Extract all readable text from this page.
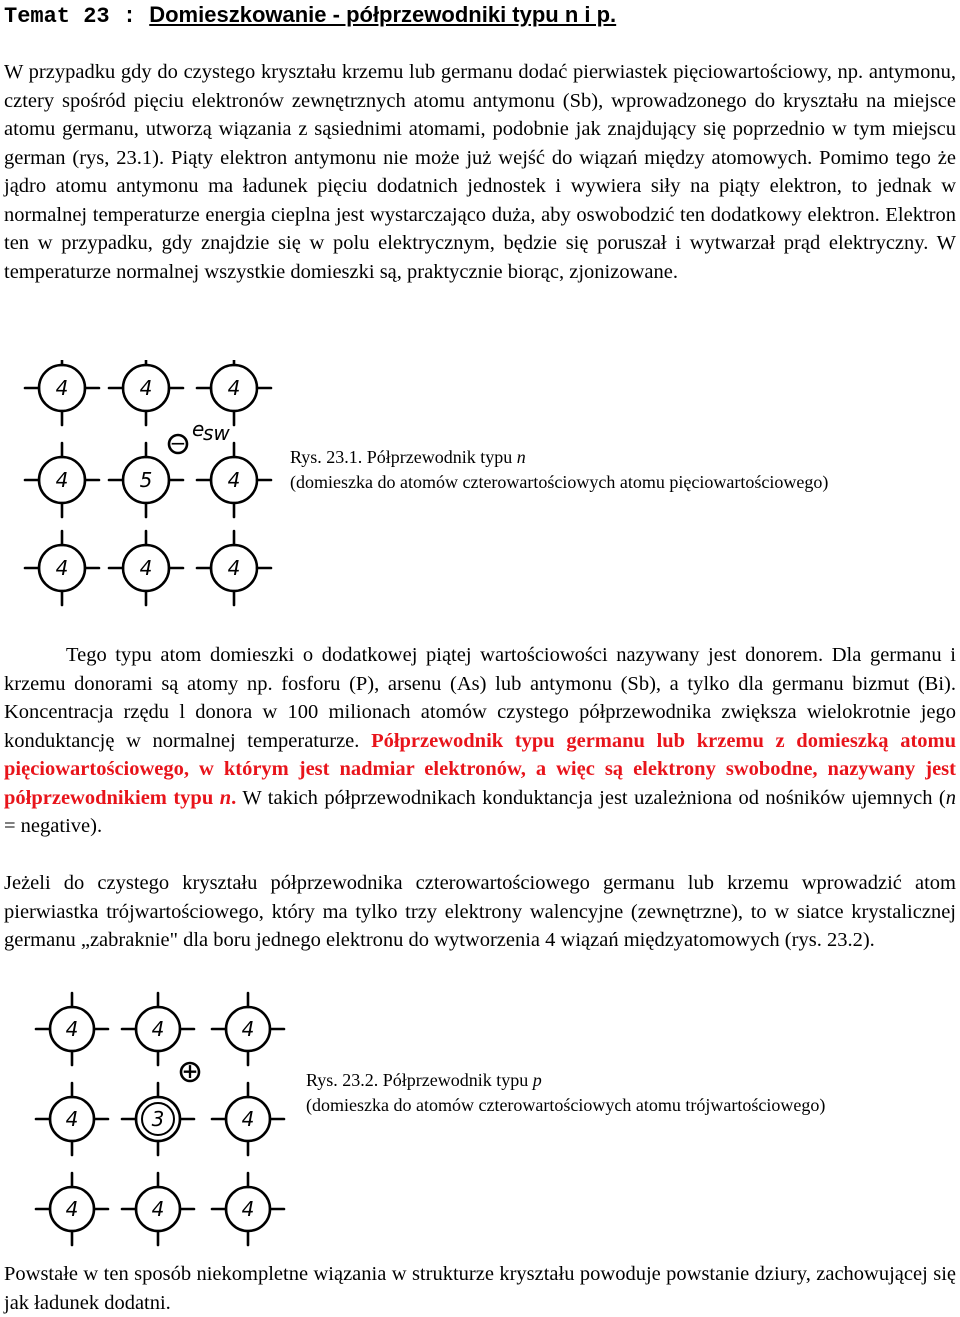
Temat 23 : Domieszkowanie - półprzewodniki typu n i p.

W przypadku gdy do czystego kryształu krzemu lub germanu dodać pierwiastek pięciowartościowy, np. antymonu, cztery spośród pięciu elektronów zewnętrznych atomu antymonu (Sb), wprowadzonego do kryształu na miejsce atomu germanu, utworzą wiązania z sąsiednimi atomami, podobnie jak znajdujący się poprzednio w tym miejscu german (rys, 23.1). Piąty elektron antymonu nie może już wejść do wiązań między atomowych. Pomimo tego że jądro atomu antymonu ma ładunek pięciu dodatnich jednostek i wywiera siły na piąty elektron, to jednak w normalnej temperaturze energia cieplna jest wystarczająco duża, aby oswobodzić ten dodatkowy elektron. Elektron ten w przypadku, gdy znajdzie się w polu elektrycznym, będzie się poruszał i wytwarzał prąd elektryczny. W temperaturze normalnej wszystkie domieszki są, praktycznie biorąc, zjonizowane.

4	4	4
4	5	4
4	4	4
−
e
sw
Rys. 23.1. Półprzewodnik typu n
(domieszka do atomów czterowartościowych atomu pięciowartościowego)

Tego typu atom domieszki o dodatkowej piątej wartościowości nazywany jest donorem. Dla germanu i krzemu donorami są atomy np. fosforu (P), arsenu (As) lub antymonu (Sb), a tylko dla germanu bizmut (Bi). Koncentracja rzędu l donora w 100 milionach atomów czystego półprzewodnika zwiększa wielokrotnie jego konduktancję w normalnej temperaturze. Półprzewodnik typu germanu lub krzemu z domieszką atomu pięciowartościowego, w którym jest nadmiar elektronów, a więc są elektrony swobodne, nazywany jest półprzewodnikiem typu n. W takich półprzewodnikach konduktancja jest uzależniona od nośników ujemnych (n = negative).

Jeżeli do czystego kryształu półprzewodnika czterowartościowego germanu lub krzemu wprowadzić atom pierwiastka trójwartościowego, który ma tylko trzy elektrony walencyjne (zewnętrzne), to w siatce krystalicznej germanu „zabraknie" dla boru jednego elektronu do wytworzenia 4 wiązań międzyatomowych (rys. 23.2).

4	4	4
4	3	4
4	4	4
+	Rys. 23.2. Półprzewodnik typu p
(domieszka do atomów czterowartościowych atomu trójwartościowego)

Powstałe w ten sposób niekompletne wiązania w strukturze kryształu powoduje powstanie dziury, zachowującej się jak ładunek dodatni.
